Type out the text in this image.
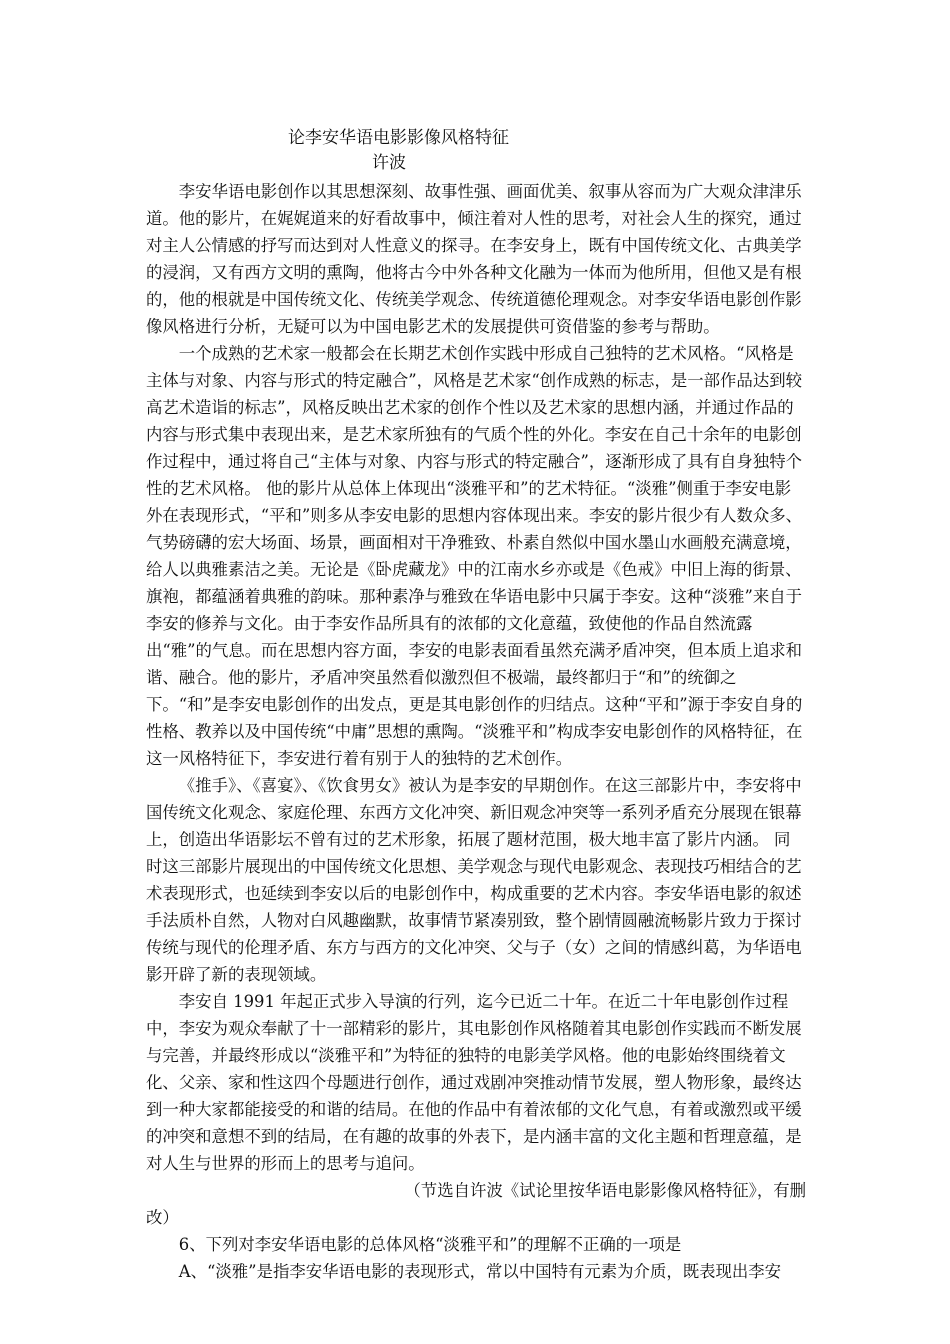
论李安华语电影影像风格特征
许波

李安华语电影创作以其思想深刻、故事性强、画面优美、叙事从容而为广大观众津津乐道。他的影片，在娓娓道来的好看故事中，倾注着对人性的思考，对社会人生的探究，通过对主人公情感的抒写而达到对人性意义的探寻。在李安身上，既有中国传统文化、古典美学的浸润，又有西方文明的熏陶，他将古今中外各种文化融为一体而为他所用，但他又是有根的，他的根就是中国传统文化、传统美学观念、传统道德伦理观念。对李安华语电影创作影像风格进行分析，无疑可以为中国电影艺术的发展提供可资借鉴的参考与帮助。

一个成熟的艺术家一般都会在长期艺术创作实践中形成自己独特的艺术风格。“风格是主体与对象、内容与形式的特定融合”，风格是艺术家“创作成熟的标志，是一部作品达到较高艺术造诣的标志”，风格反映出艺术家的创作个性以及艺术家的思想内涵，并通过作品的内容与形式集中表现出来，是艺术家所独有的气质个性的外化。李安在自己十余年的电影创作过程中，通过将自己“主体与对象、内容与形式的特定融合”，逐渐形成了具有自身独特个性的艺术风格。 他的影片从总体上体现出“淡雅平和”的艺术特征。“淡雅”侧重于李安电影外在表现形式，“平和”则多从李安电影的思想内容体现出来。李安的影片很少有人数众多、气势磅礴的宏大场面、场景，画面相对干净雅致、朴素自然似中国水墨山水画般充满意境，给人以典雅素洁之美。无论是《卧虎藏龙》中的江南水乡亦或是《色戒》中旧上海的街景、旗袍，都蕴涵着典雅的韵味。那种素净与雅致在华语电影中只属于李安。这种“淡雅”来自于李安的修养与文化。由于李安作品所具有的浓郁的文化意蕴，致使他的作品自然流露出“雅”的气息。而在思想内容方面，李安的电影表面看虽然充满矛盾冲突，但本质上追求和谐、融合。他的影片，矛盾冲突虽然看似激烈但不极端，最终都归于“和”的统御之下。“和”是李安电影创作的出发点，更是其电影创作的归结点。这种“平和”源于李安自身的性格、教养以及中国传统“中庸”思想的熏陶。“淡雅平和”构成李安电影创作的风格特征，在这一风格特征下，李安进行着有别于人的独特的艺术创作。

《推手》、《喜宴》、《饮食男女》被认为是李安的早期创作。在这三部影片中，李安将中国传统文化观念、家庭伦理、东西方文化冲突、新旧观念冲突等一系列矛盾充分展现在银幕上，创造出华语影坛不曾有过的艺术形象，拓展了题材范围，极大地丰富了影片内涵。 同时这三部影片展现出的中国传统文化思想、美学观念与现代电影观念、表现技巧相结合的艺术表现形式，也延续到李安以后的电影创作中，构成重要的艺术内容。李安华语电影的叙述手法质朴自然，人物对白风趣幽默，故事情节紧凑别致，整个剧情圆融流畅影片致力于探讨传统与现代的伦理矛盾、东方与西方的文化冲突、父与子（女）之间的情感纠葛，为华语电影开辟了新的表现领域。

李安自 1991 年起正式步入导演的行列，迄今已近二十年。在近二十年电影创作过程中，李安为观众奉献了十一部精彩的影片，其电影创作风格随着其电影创作实践而不断发展与完善，并最终形成以“淡雅平和”为特征的独特的电影美学风格。他的电影始终围绕着文化、父亲、家和性这四个母题进行创作，通过戏剧冲突推动情节发展，塑人物形象，最终达到一种大家都能接受的和谐的结局。在他的作品中有着浓郁的文化气息，有着或激烈或平缓的冲突和意想不到的结局，在有趣的故事的外表下，是内涵丰富的文化主题和哲理意蕴，是对人生与世界的形而上的思考与追问。

（节选自许波《试论里按华语电影影像风格特征》，有删

改）

6、下列对李安华语电影的总体风格“淡雅平和”的理解不正确的一项是

A、“淡雅”是指李安华语电影的表现形式，常以中国特有元素为介质，既表现出李安
